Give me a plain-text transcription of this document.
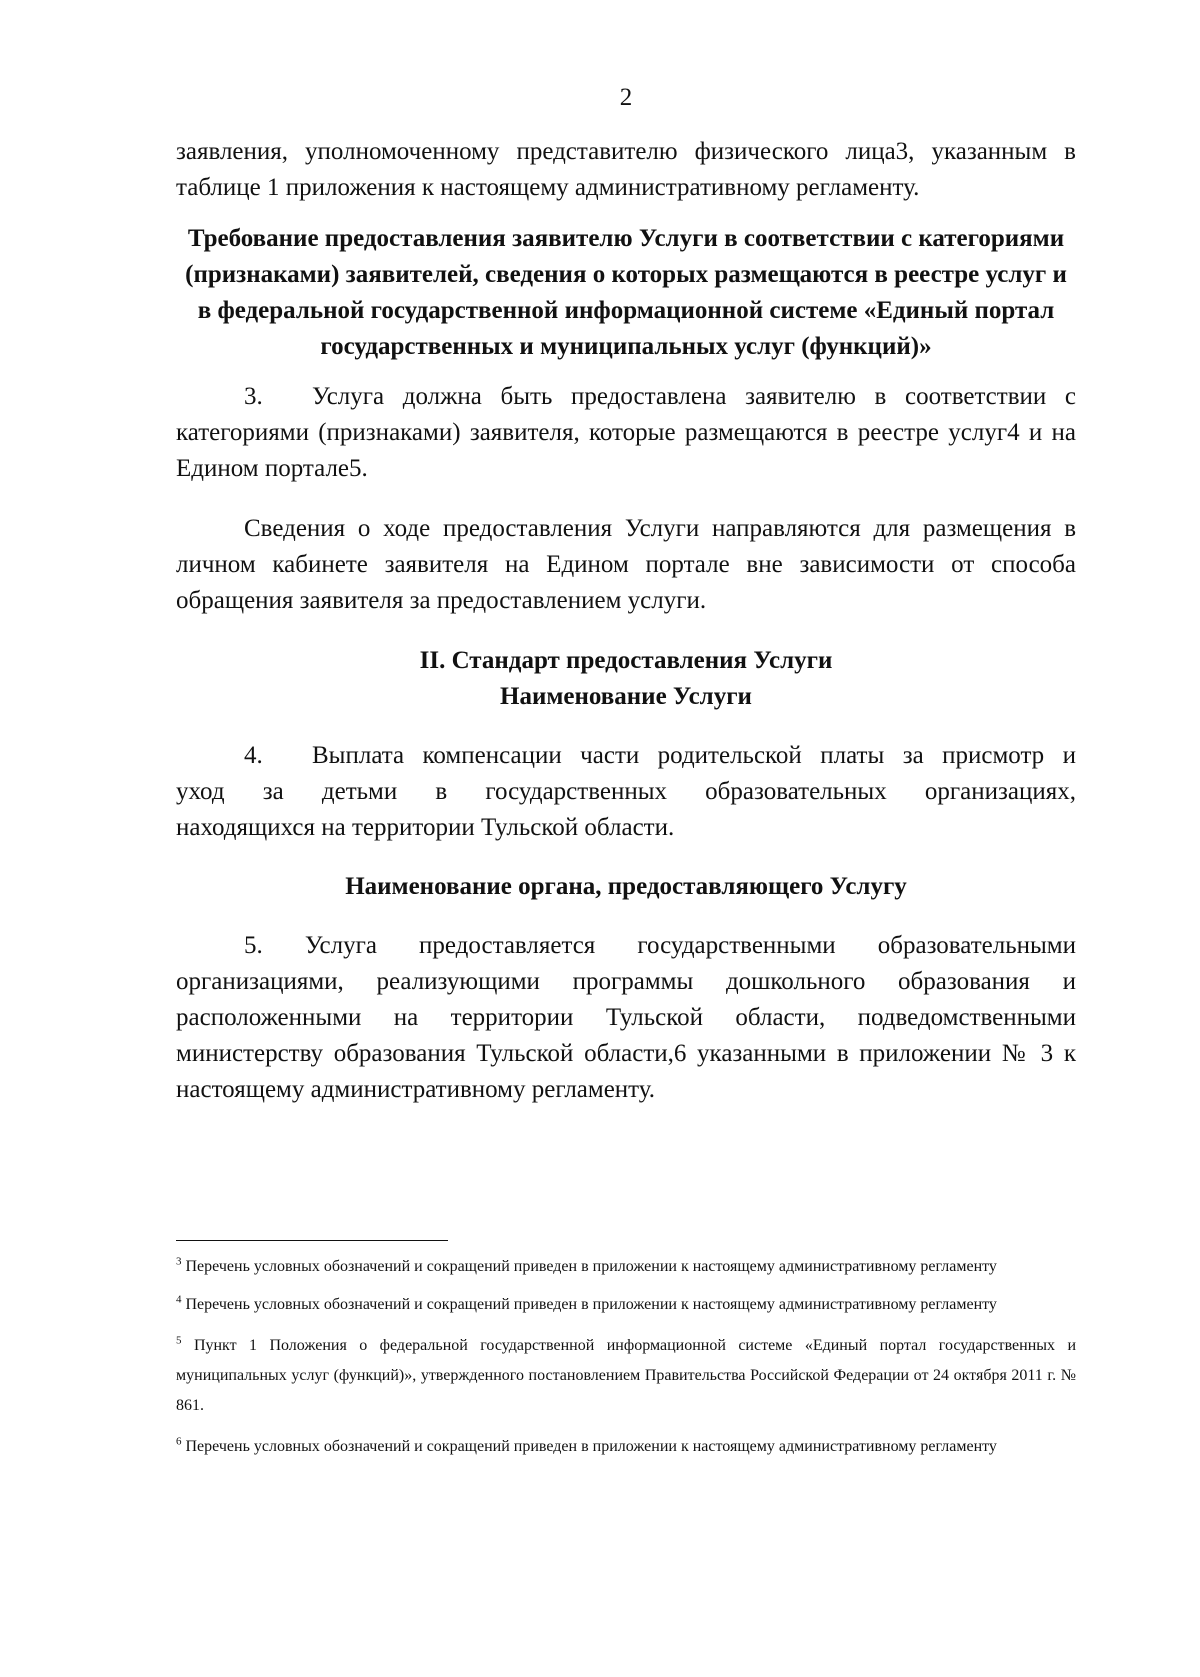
2

заявления, уполномоченному представителю физического лица3, указанным в таблице 1 приложения к настоящему административному регламенту.

Требование предоставления заявителю Услуги в соответствии с категориями (признаками) заявителей, сведения о которых размещаются в реестре услуг и в федеральной государственной информационной системе «Единый портал государственных и муниципальных услуг (функций)»

3. Услуга должна быть предоставлена заявителю в соответствии с категориями (признаками) заявителя, которые размещаются в реестре услуг4 и на Едином портале5.

Сведения о ходе предоставления Услуги направляются для размещения в личном кабинете заявителя на Едином портале вне зависимости от способа обращения заявителя за предоставлением услуги.

II. Стандарт предоставления Услуги

Наименование Услуги

4. Выплата компенсации части родительской платы за присмотр и

уход за детьми в государственных образовательных организациях,

находящихся на территории Тульской области.

Наименование органа, предоставляющего Услугу

5. Услуга предоставляется государственными образовательными организациями, реализующими программы дошкольного образования и расположенными на территории Тульской области, подведомственными министерству образования Тульской области,6 указанными в приложении № 3 к настоящему административному регламенту.

$^3$ Перечень условных обозначений и сокращений приведен в приложении к настоящему административному регламенту

$^4$ Перечень условных обозначений и сокращений приведен в приложении к настоящему административному регламенту

$^5$ Пункт 1 Положения о федеральной государственной информационной системе «Единый портал государственных и муниципальных услуг (функций)», утвержденного постановлением Правительства Российской Федерации от 24 октября 2011 г. № 861.

$^6$ Перечень условных обозначений и сокращений приведен в приложении к настоящему административному регламенту
